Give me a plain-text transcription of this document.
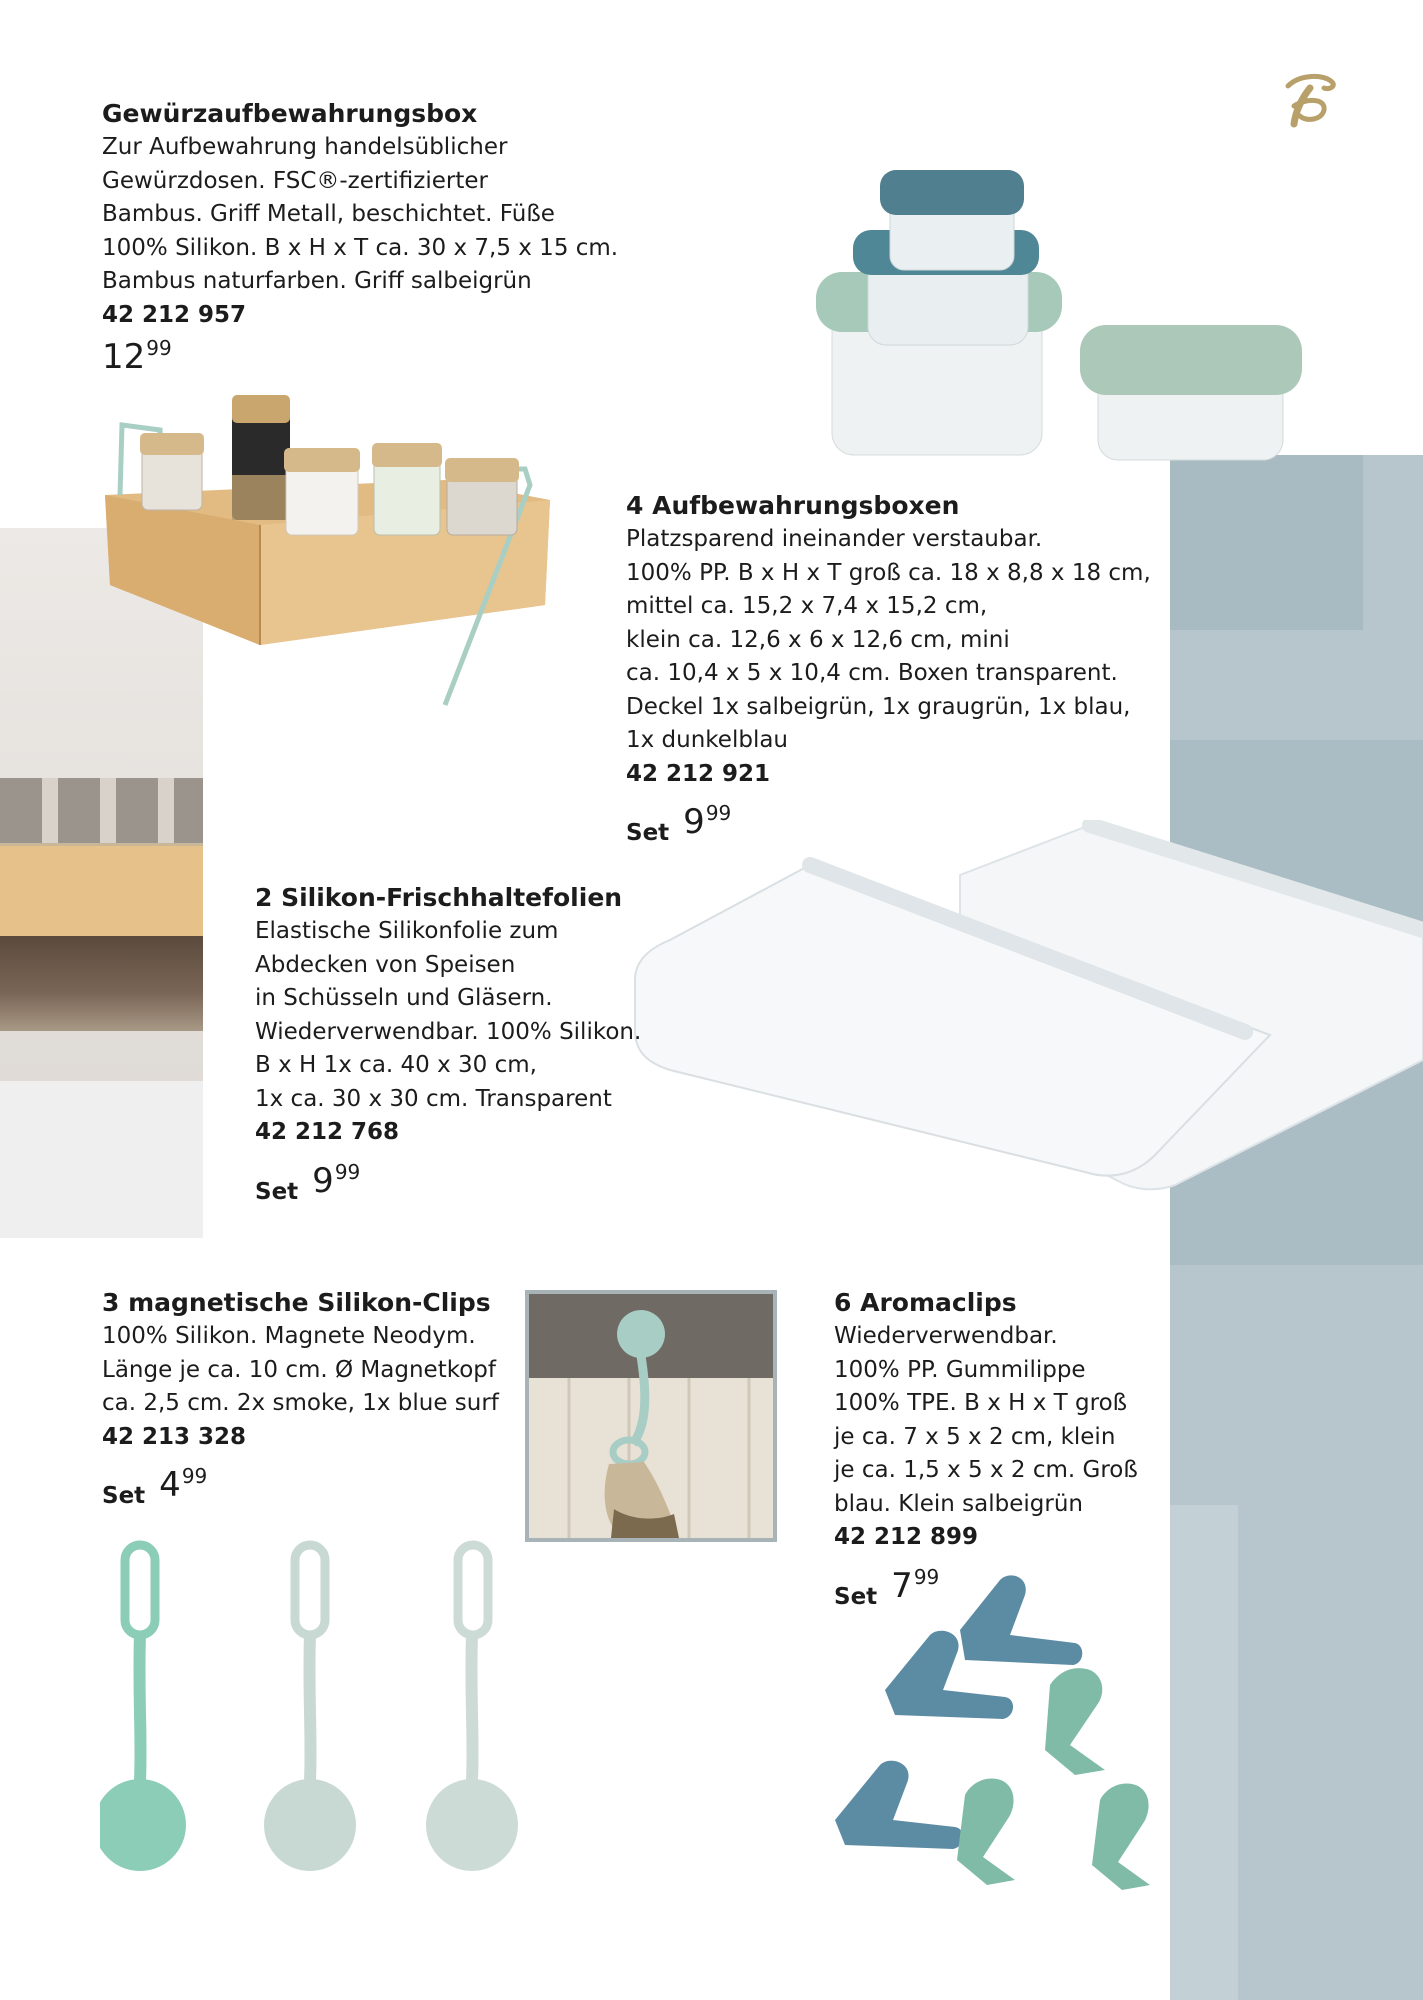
Gewürzaufbewahrungsbox

Zur Aufbewahrung handelsüblicher
Gewürzdosen. FSC®-zertifizierter
Bambus. Griff Metall, beschichtet. Füße
100% Silikon. B x H x T ca. 30 x 7,5 x 15 cm.
Bambus naturfarben. Griff salbeigrün

42 212 957

12 99
4 Aufbewahrungsboxen

Platzsparend ineinander verstaubar.
100% PP. B x H x T groß ca. 18 x 8,8 x 18 cm,
mittel ca. 15,2 x 7,4 x 15,2 cm,
klein ca. 12,6 x 6 x 12,6 cm, mini
ca. 10,4 x 5 x 10,4 cm. Boxen transparent.
Deckel 1x salbeigrün, 1x graugrün, 1x blau,
1x dunkelblau

42 212 921

Set 9 99
2 Silikon-Frischhaltefolien

Elastische Silikonfolie zum
Abdecken von Speisen
in Schüsseln und Gläsern.
Wiederverwendbar. 100% Silikon.
B x H 1x ca. 40 x 30 cm,
1x ca. 30 x 30 cm. Transparent

42 212 768

Set 9 99
3 magnetische Silikon-Clips

100% Silikon. Magnete Neodym.
Länge je ca. 10 cm. Ø Magnetkopf
ca. 2,5 cm. 2x smoke, 1x blue surf

42 213 328

Set 4 99
6 Aromaclips

Wiederverwendbar.
100% PP. Gummilippe
100% TPE. B x H x T groß
je ca. 7 x 5 x 2 cm, klein
je ca. 1,5 x 5 x 2 cm. Groß
blau. Klein salbeigrün

42 212 899

Set 7 99
